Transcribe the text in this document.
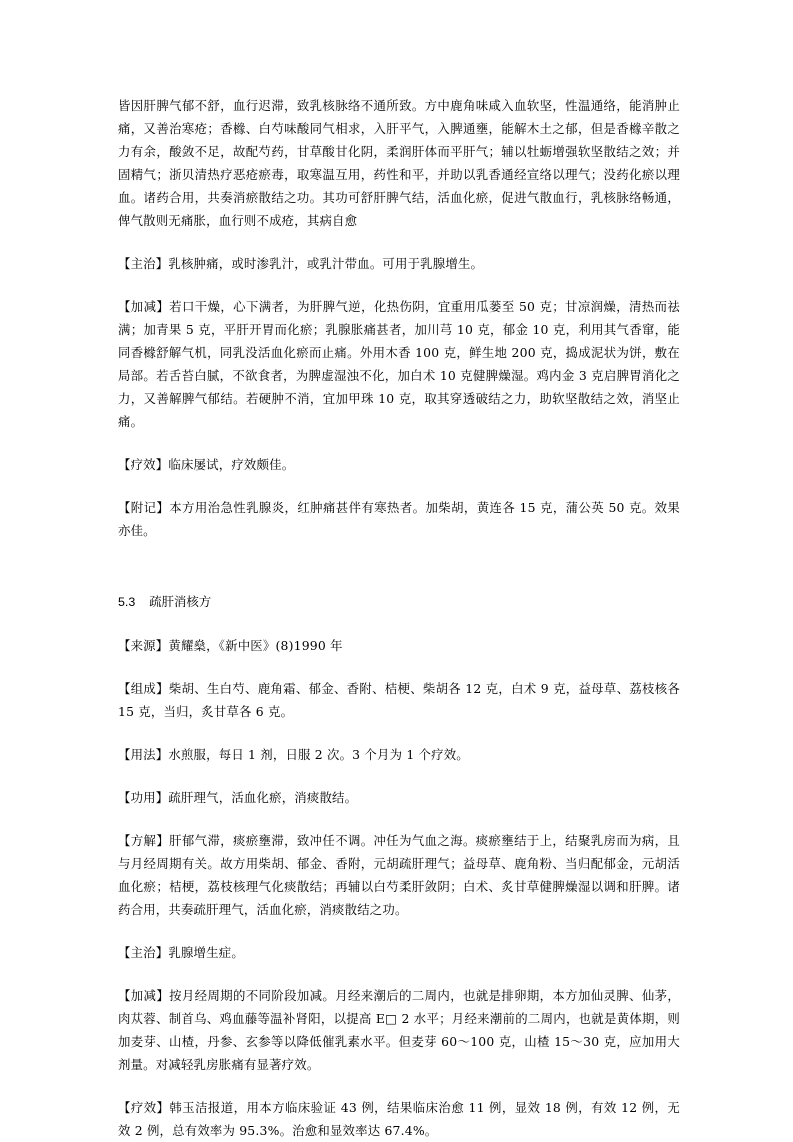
皆因肝脾气郁不舒，血行迟滞，致乳核脉络不通所致。方中鹿角味咸入血软坚，性温通络，能消肿止痛，又善治寒疮；香橼、白芍味酸同气相求，入肝平气，入脾通壅，能解木土之郁，但是香橼辛散之力有余，酸敛不足，故配芍药，甘草酸甘化阴，柔润肝体而平肝气；辅以牡蛎增强软坚散结之效；并固精气；浙贝清热疗恶疮瘀毒，取寒温互用，药性和平，并助以乳香通经宣络以理气；没药化瘀以理血。诸药合用，共奏消瘀散结之功。其功可舒肝脾气结，活血化瘀，促进气散血行，乳核脉络畅通，俾气散则无痛胀，血行则不成疮，其病自愈

【主治】乳核肿痛，或时渗乳汁，或乳汁带血。可用于乳腺增生。

【加减】若口干燥，心下满者，为肝脾气逆，化热伤阴，宜重用瓜蒌至 50 克；甘凉润燥，清热而祛满；加青果 5 克，平肝开胃而化瘀；乳腺胀痛甚者，加川芎 10 克，郁金 10 克，利用其气香窜，能同香橼舒解气机，同乳没活血化瘀而止痛。外用木香 100 克，鲜生地 200 克，捣成泥状为饼，敷在局部。若舌苔白腻，不欲食者，为脾虚湿浊不化，加白术 10 克健脾燥湿。鸡内金 3 克启脾胃消化之力，又善解脾气郁结。若硬肿不消，宜加甲珠 10 克，取其穿透破结之力，助软坚散结之效，消坚止痛。

【疗效】临床屡试，疗效颇佳。

【附记】本方用治急性乳腺炎，红肿痛甚伴有寒热者。加柴胡，黄连各 15 克，蒲公英 50 克。效果亦佳。

5.3 疏肝消核方

【来源】黄耀燊，《新中医》(8)1990 年

【组成】柴胡、生白芍、鹿角霜、郁金、香附、桔梗、柴胡各 12 克，白术 9 克，益母草、荔枝核各 15 克，当归，炙甘草各 6 克。

【用法】水煎服，每日 1 剂，日服 2 次。3 个月为 1 个疗效。

【功用】疏肝理气，活血化瘀，消痰散结。

【方解】肝郁气滞，痰瘀壅滞，致冲任不调。冲任为气血之海。痰瘀壅结于上，结聚乳房而为病，且与月经周期有关。故方用柴胡、郁金、香附，元胡疏肝理气；益母草、鹿角粉、当归配郁金，元胡活血化瘀；桔梗，荔枝核理气化痰散结；再辅以白芍柔肝敛阴；白术、炙甘草健脾燥湿以调和肝脾。诸药合用，共奏疏肝理气，活血化瘀，消痰散结之功。

【主治】乳腺增生症。

【加减】按月经周期的不同阶段加减。月经来潮后的二周内，也就是排卵期，本方加仙灵脾、仙茅，肉苁蓉、制首乌、鸡血藤等温补肾阳，以提高 E□ 2 水平；月经来潮前的二周内，也就是黄体期，则加麦芽、山楂，丹参、玄参等以降低催乳素水平。但麦芽 60～100 克，山楂 15～30 克，应加用大剂量。对减轻乳房胀痛有显著疗效。

【疗效】韩玉洁报道，用本方临床验证 43 例，结果临床治愈 11 例，显效 18 例，有效 12 例，无效 2 例，总有效率为 95.3%。治愈和显效率达 67.4%。
